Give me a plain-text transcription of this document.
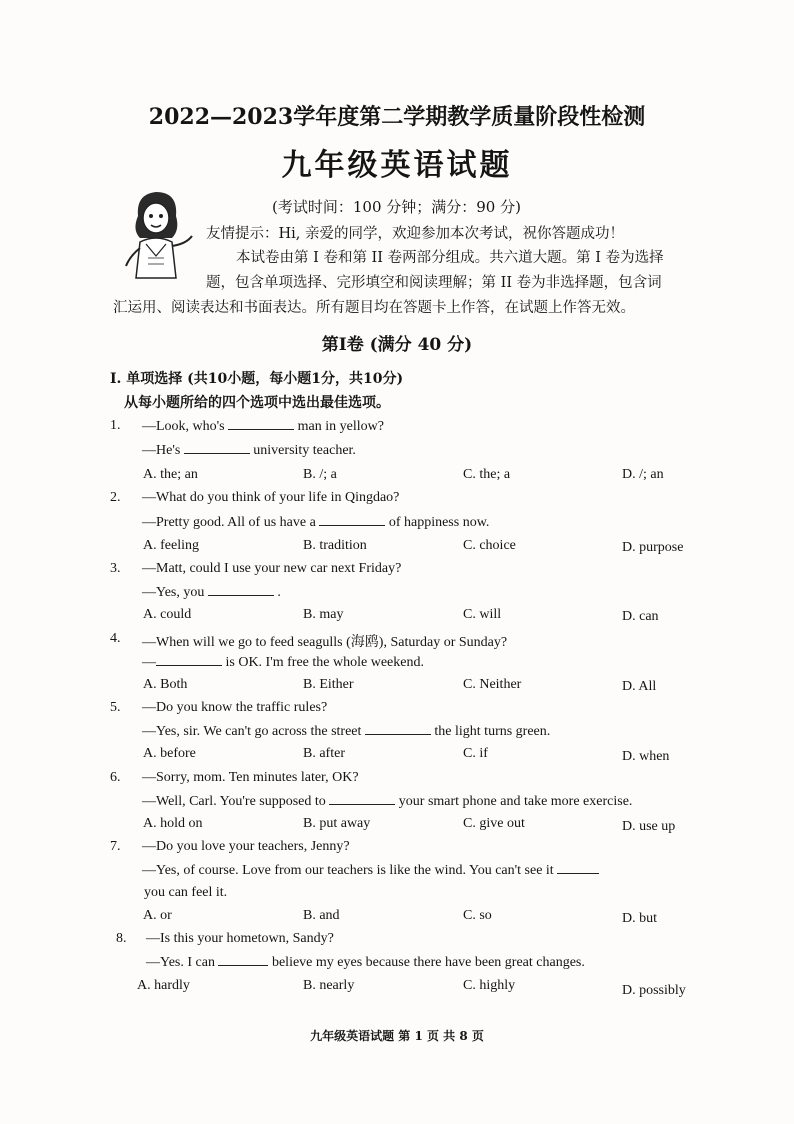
2022—2023学年度第二学期教学质量阶段性检测
九年级英语试题
(考试时间：100 分钟；满分：90 分)
友情提示：Hi, 亲爱的同学，欢迎参加本次考试，祝你答题成功！
本试卷由第 I 卷和第 II 卷两部分组成。共六道大题。第 I 卷为选择
题，包含单项选择、完形填空和阅读理解；第 II 卷为非选择题，包含词
汇运用、阅读表达和书面表达。所有题目均在答题卡上作答，在试题上作答无效。
第Ⅰ卷 (满分 40 分)
Ⅰ. 单项选择 (共10小题，每小题1分，共10分)
从每小题所给的四个选项中选出最佳选项。
1. —Look, who's	man in yellow?
—He's	university teacher.
A. the; an	B. /; a	C. the; a	D. /; an
2. —What do you think of your life in Qingdao?
—Pretty good. All of us have a	of happiness now.
A. feeling	B. tradition	C. choice	D. purpose
3. —Matt, could I use your new car next Friday?
—Yes, you	.
A. could	B. may	C. will	D. can
4. —When will we go to feed seagulls (海鸥), Saturday or Sunday?
—	is OK. I'm free the whole weekend.
A. Both	B. Either	C. Neither	D. All
5. —Do you know the traffic rules?
—Yes, sir. We can't go across the street	the light turns green.
A. before	B. after	C. if	D. when
6. —Sorry, mom. Ten minutes later, OK?
—Well, Carl. You're supposed to	your smart phone and take more exercise.
A. hold on	B. put away	C. give out	D. use up
7. —Do you love your teachers, Jenny?
—Yes, of course. Love from our teachers is like the wind. You can't see it
you can feel it.
A. or	B. and	C. so	D. but
8. —Is this your hometown, Sandy?
—Yes. I can	believe my eyes because there have been great changes.
A. hardly	B. nearly	C. highly	D. possibly
九年级英语试题 第 1 页 共 8 页
